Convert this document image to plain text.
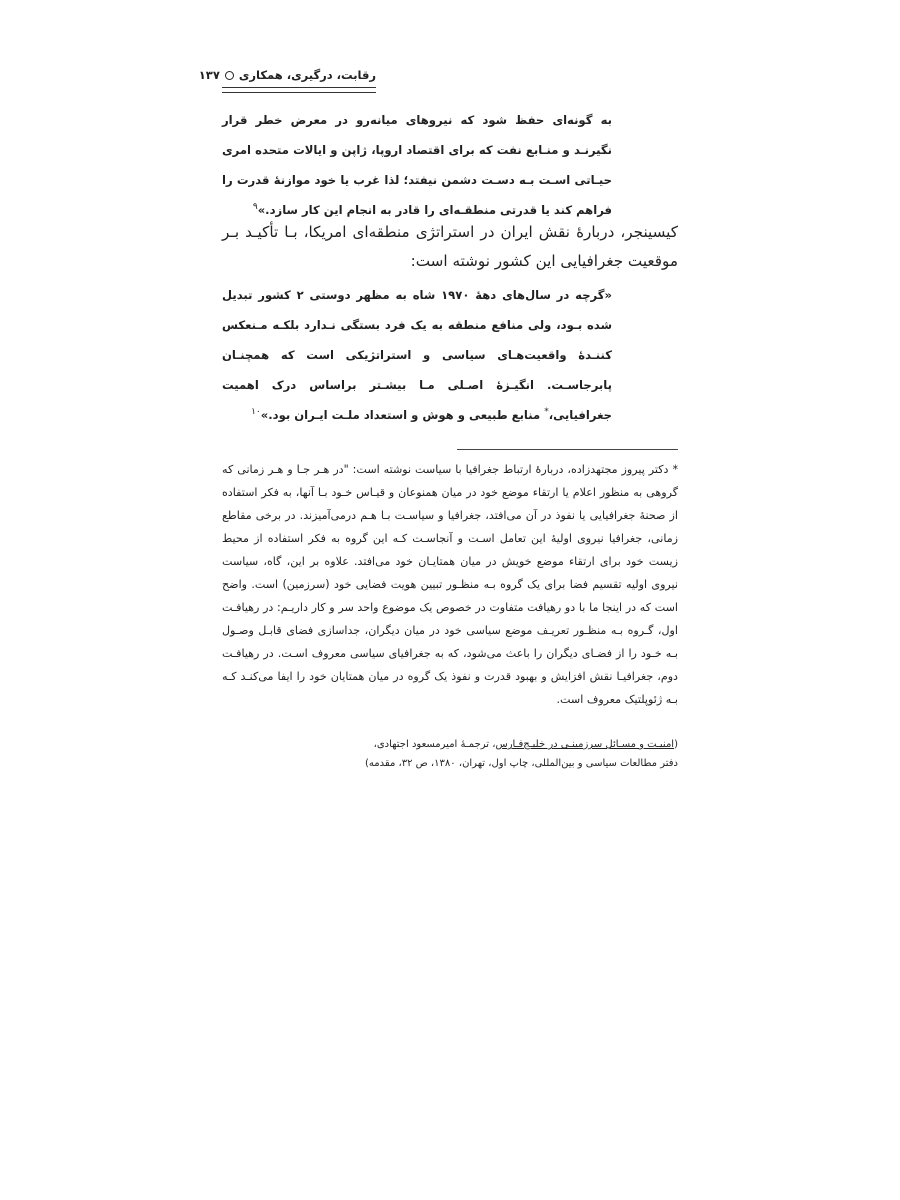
رقابت، درگیری، همکاری۱۳۷
به گونه‌ای حفظ شود که نیروهای میانه‌رو در معرض خطر قرار نگیرنـد و منـابع نفت که برای اقتصاد اروپا، ژاپن و ایالات متحده امری حیـاتی اسـت بـه دسـت دشمن نیفتد؛ لذا غرب یا خود موازنهٔ قدرت را فراهم کند یا قدرتی منطقـه‌ای را قادر به انجام این کار سازد.»$^۹$
کیسینجر، دربارهٔ نقش ایران در استراتژی منطقه‌ای امریکا، بـا تأکیـد بـر موقعیت جغرافیایی این کشور نوشته است:
«گرچه در سال‌های دههٔ ۱۹۷۰ شاه به مظهر دوستی ۲ کشور تبدیل شده بـود، ولی منافع منطقه به یک فرد بستگی نـدارد بلکـه مـنعکس کننـدهٔ واقعیت‌هـای سیاسی و استراتژیکی است که همچنـان پابرجاسـت. انگیـزهٔ اصـلی مـا بیشـتر براساس درک اهمیت جغرافیایی،* منابع طبیعی و هوش و استعداد ملـت ایـران بود.»$^{۱۰}$
* دکتر پیروز مجتهدزاده، دربارهٔ ارتباط جغرافیا با سیاست نوشته است: "در هـر جـا و هـر زمانی که گروهی به منظور اعلام یا ارتقاء موضع خود در میان همنوعان و قیـاس خـود بـا آنها، به فکر استفاده از صحنهٔ جغرافیایی یا نفوذ در آن می‌افتد، جغرافیا و سیاسـت بـا هـم درمی‌آمیزند. در برخی مقاطع زمانی، جغرافیا نیروی اولیهٔ این تعامل اسـت و آنجاسـت کـه این گروه به فکر استفاده از محیط زیست خود برای ارتقاء موضع خویش در میان همتایـان خود می‌افتد. علاوه بر این، گاه، سیاست نیروی اولیه تقسیم فضا برای یک گروه بـه منظـور تبیین هویت فضایی خود (سرزمین) است. واضح است که در اینجا ما با دو رهیافت متفاوت در خصوص یک موضوع واحد سر و کار داریـم: در رهیافـت اول، گـروه بـه منظـور تعریـف موضع سیاسی خود در میان دیگران، جداسازی فضای قابـل وصـول بـه خـود را از فضـای دیگران را باعث می‌شود، که به جغرافیای سیاسی معروف اسـت. در رهیافـت دوم، جغرافیـا نقش افزایش و بهبود قدرت و نفوذ یک گروه در میان همتایان خود را ایفا می‌کنـد کـه بـه ژئوپلتیک معروف است.
(امنیـت و مسـائل سرزمینـی در خلیـج‌فـارس، ترجمـهٔ امیرمسعود اجتهادی،
دفتر مطالعات سیاسی و بین‌المللی، چاپ اول، تهران، ۱۳۸۰، ص ۳۲، مقدمه)
